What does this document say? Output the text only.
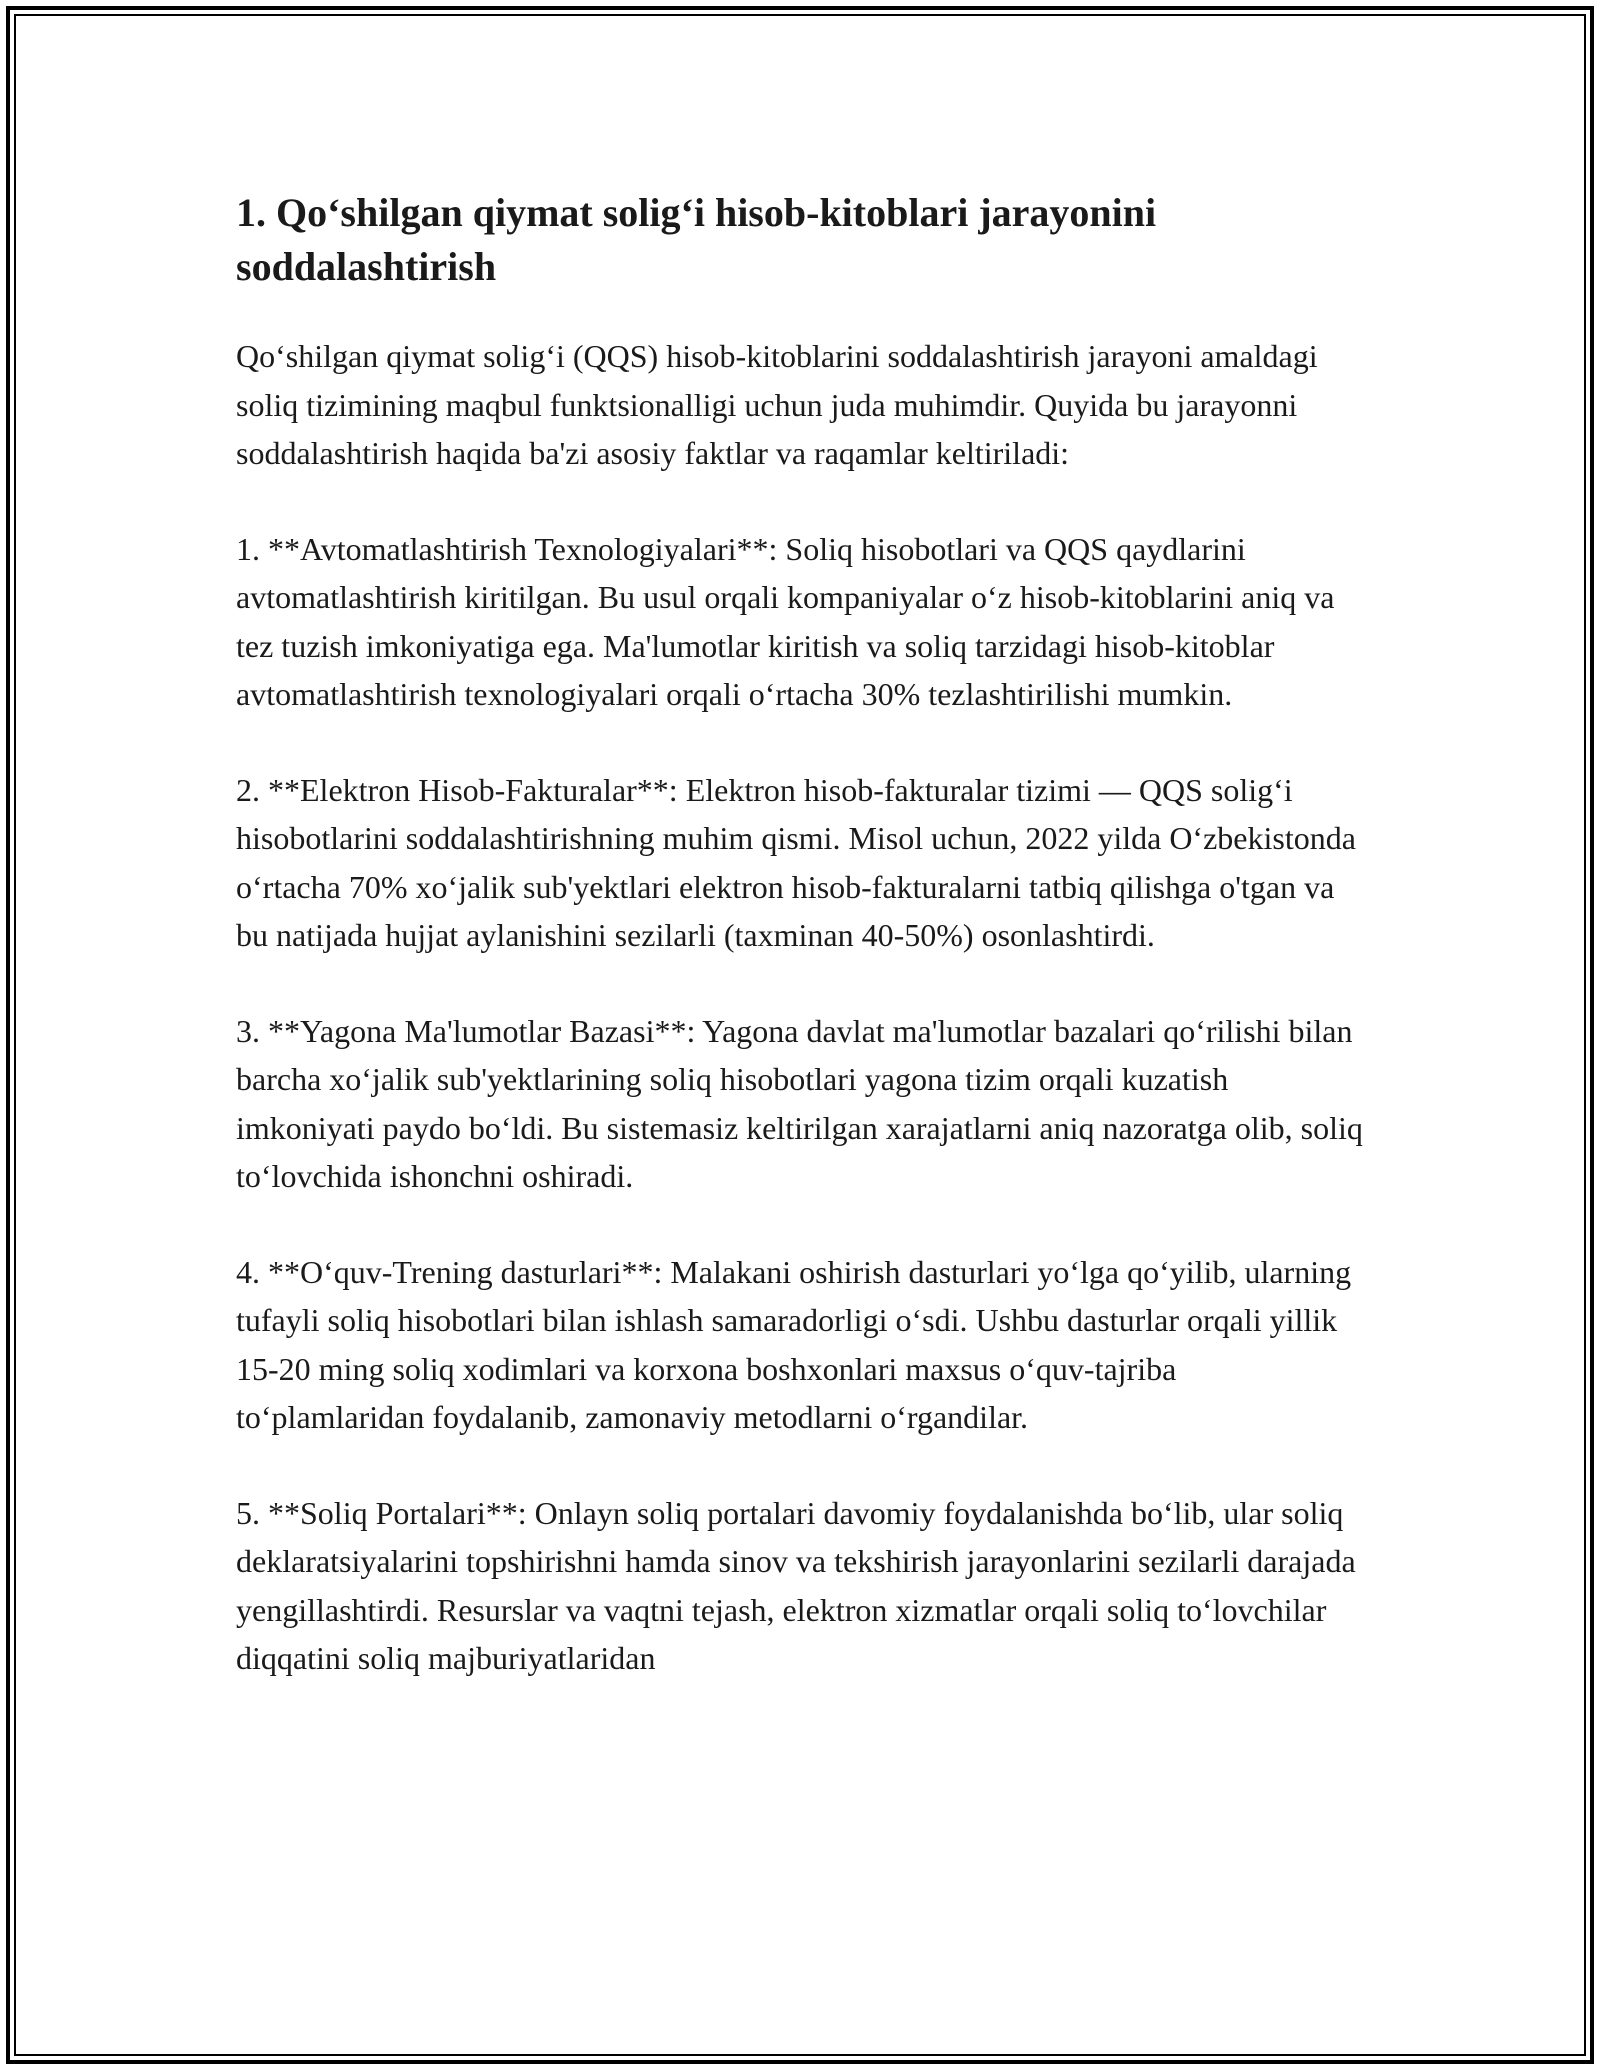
1. Qo‘shilgan qiymat solig‘i hisob-kitoblari jarayonini soddalashtirish

Qo‘shilgan qiymat solig‘i (QQS) hisob-kitoblarini soddalashtirish jarayoni amaldagi soliq tizimining maqbul funktsionalligi uchun juda muhimdir. Quyida bu jarayonni soddalashtirish haqida ba'zi asosiy faktlar va raqamlar keltiriladi:

1. **Avtomatlashtirish Texnologiyalari**: Soliq hisobotlari va QQS qaydlarini avtomatlashtirish kiritilgan. Bu usul orqali kompaniyalar o‘z hisob-kitoblarini aniq va tez tuzish imkoniyatiga ega. Ma'lumotlar kiritish va soliq tarzidagi hisob-kitoblar avtomatlashtirish texnologiyalari orqali o‘rtacha 30% tezlashtirilishi mumkin.

2. **Elektron Hisob-Fakturalar**: Elektron hisob-fakturalar tizimi — QQS solig‘i hisobotlarini soddalashtirishning muhim qismi. Misol uchun, 2022 yilda O‘zbekistonda o‘rtacha 70% xo‘jalik sub'yektlari elektron hisob-fakturalarni tatbiq qilishga o'tgan va bu natijada hujjat aylanishini sezilarli (taxminan 40-50%) osonlashtirdi.

3. **Yagona Ma'lumotlar Bazasi**: Yagona davlat ma'lumotlar bazalari qo‘rilishi bilan barcha xo‘jalik sub'yektlarining soliq hisobotlari yagona tizim orqali kuzatish imkoniyati paydo bo‘ldi. Bu sistemasiz keltirilgan xarajatlarni aniq nazoratga olib, soliq to‘lovchida ishonchni oshiradi.

4. **O‘quv-Trening dasturlari**: Malakani oshirish dasturlari yo‘lga qo‘yilib, ularning tufayli soliq hisobotlari bilan ishlash samaradorligi o‘sdi. Ushbu dasturlar orqali yillik 15-20 ming soliq xodimlari va korxona boshxonlari maxsus o‘quv-tajriba to‘plamlaridan foydalanib, zamonaviy metodlarni o‘rgandilar.

5. **Soliq Portalari**: Onlayn soliq portalari davomiy foydalanishda bo‘lib, ular soliq deklaratsiyalarini topshirishni hamda sinov va tekshirish jarayonlarini sezilarli darajada yengillashtirdi. Resurslar va vaqtni tejash, elektron xizmatlar orqali soliq to‘lovchilar diqqatini soliq majburiyatlaridan
